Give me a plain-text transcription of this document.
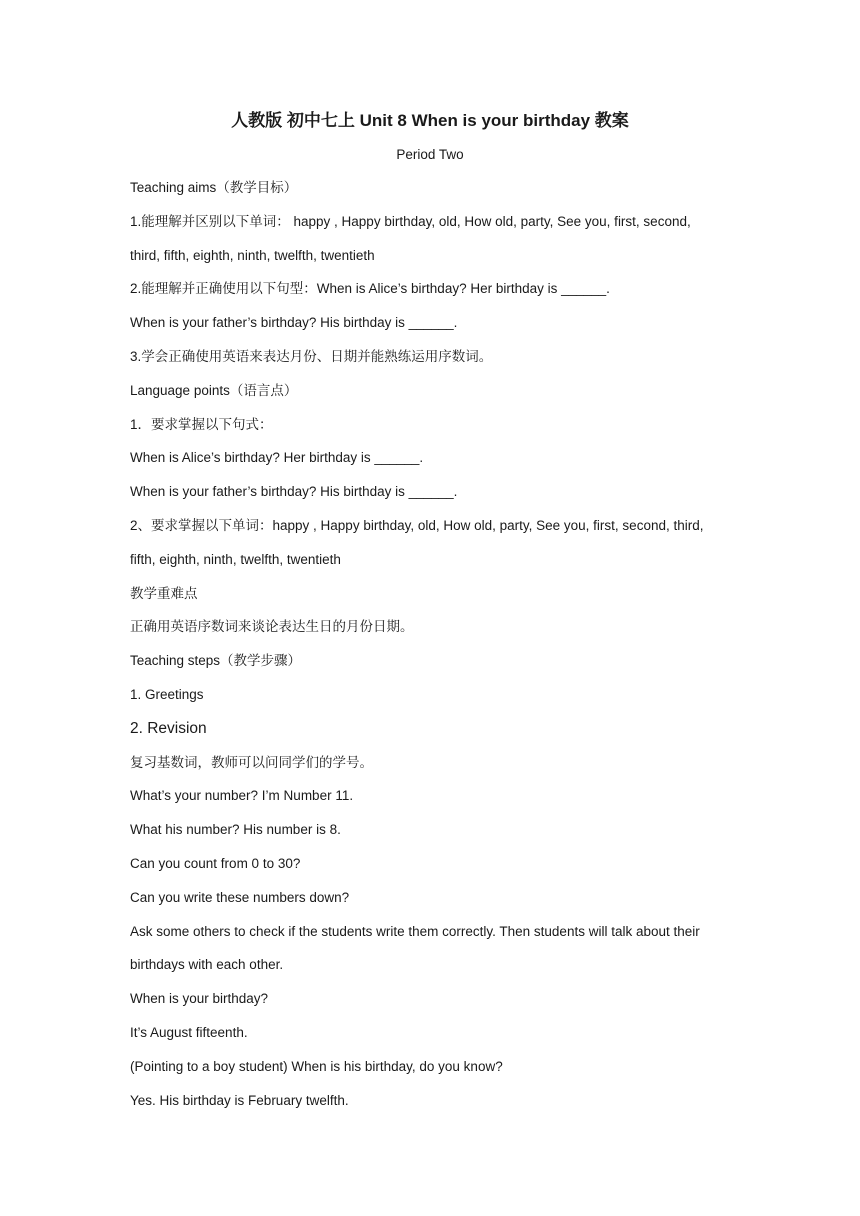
人教版 初中七上 Unit 8 When is your birthday 教案
Period Two
Teaching aims（教学目标）
1.能理解并区别以下单词： happy , Happy birthday, old, How old, party, See you, first, second,
third, fifth, eighth, ninth, twelfth, twentieth
2.能理解并正确使用以下句型：When is Alice’s birthday? Her birthday is ______.
When is your father’s birthday? His birthday is ______.
3.学会正确使用英语来表达月份、日期并能熟练运用序数词。
Language points（语言点）
1．要求掌握以下句式：
When is Alice’s birthday? Her birthday is ______.
When is your father’s birthday? His birthday is ______.
2、要求掌握以下单词：happy , Happy birthday, old, How old, party, See you, first, second, third,
fifth, eighth, ninth, twelfth, twentieth
教学重难点
正确用英语序数词来谈论表达生日的月份日期。
Teaching steps（教学步骤）
1. Greetings
2. Revision
复习基数词，教师可以问同学们的学号。
What’s your number? I’m Number 11.
What his number? His number is 8.
Can you count from 0 to 30?
Can you write these numbers down?
Ask some others to check if the students write them correctly. Then students will talk about their
birthdays with each other.
When is your birthday?
It’s August fifteenth.
(Pointing to a boy student) When is his birthday, do you know?
Yes. His birthday is February twelfth.
